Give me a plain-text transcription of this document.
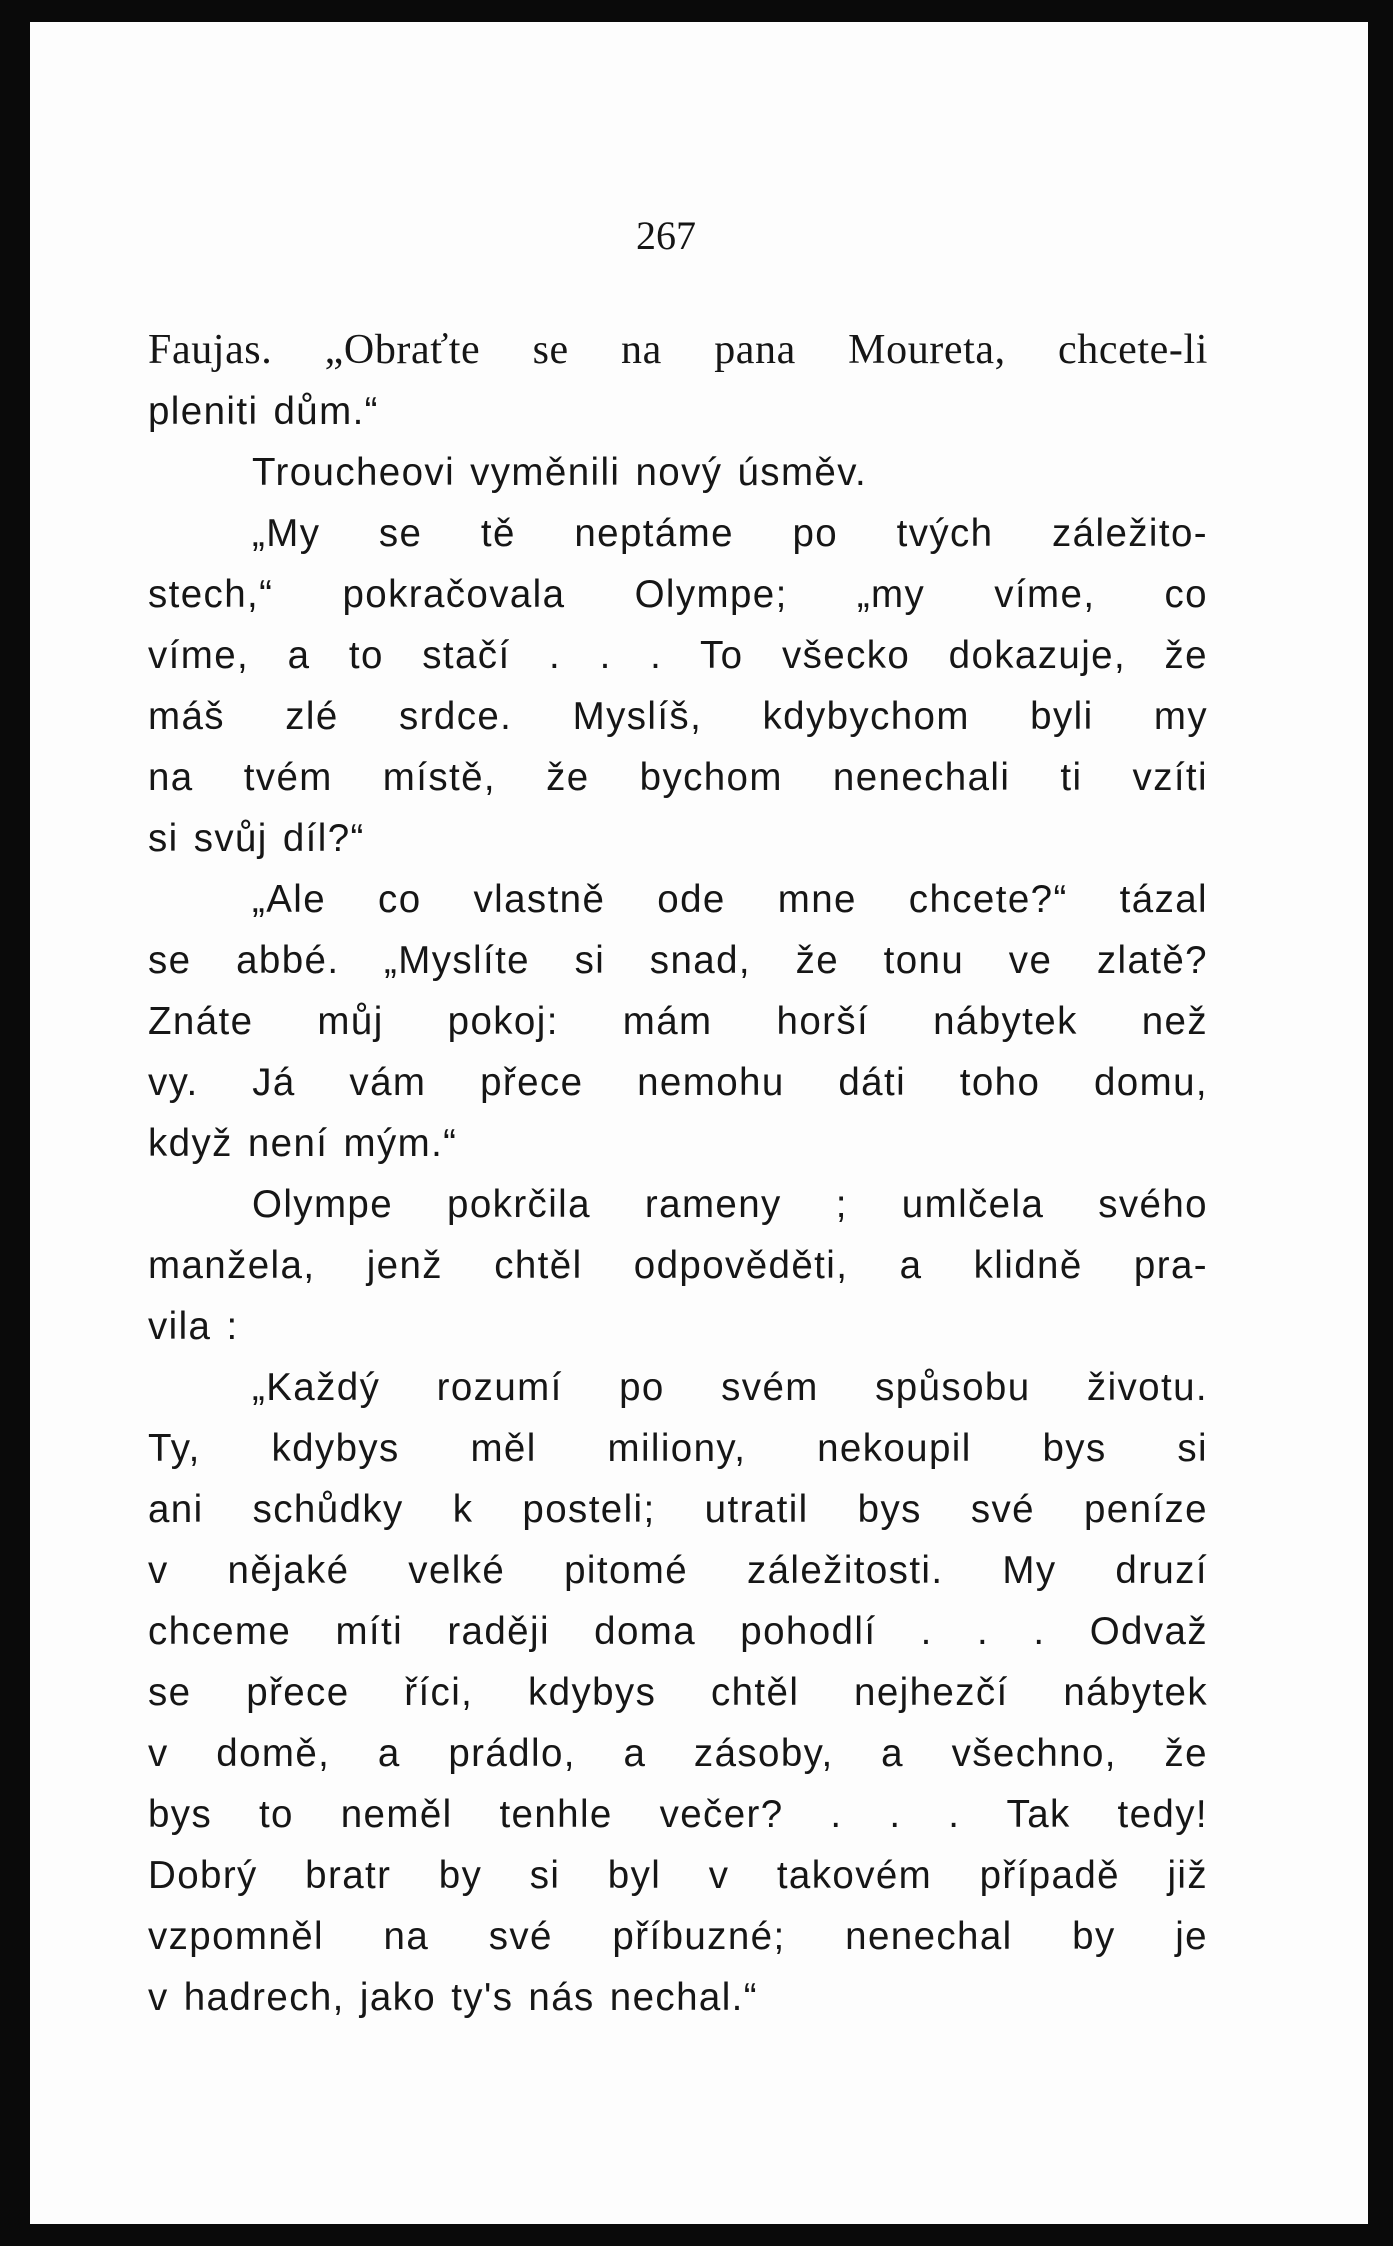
267
Faujas. „Obraťte se na pana Moureta, chcete-li
pleniti dům.“
Troucheovi vyměnili nový úsměv.
„My se tě neptáme po tvých záležito-
stech,“ pokračovala Olympe; „my víme, co
víme, a to stačí . . . To všecko dokazuje, že
máš zlé srdce. Myslíš, kdybychom byli my
na tvém místě, že bychom nenechali ti vzíti
si svůj díl?“
„Ale co vlastně ode mne chcete?“ tázal
se abbé. „Myslíte si snad, že tonu ve zlatě?
Znáte můj pokoj: mám horší nábytek než
vy. Já vám přece nemohu dáti toho domu,
když není mým.“
Olympe pokrčila rameny ; umlčela svého
manžela, jenž chtěl odpověděti, a klidně pra-
vila :
„Každý rozumí po svém spůsobu životu.
Ty, kdybys měl miliony, nekoupil bys si
ani schůdky k posteli; utratil bys své peníze
v nějaké velké pitomé záležitosti. My druzí
chceme míti raději doma pohodlí . . . Odvaž
se přece říci, kdybys chtěl nejhezčí nábytek
v domě, a prádlo, a zásoby, a všechno, že
bys to neměl tenhle večer? . . . Tak tedy!
Dobrý bratr by si byl v takovém případě již
vzpomněl na své příbuzné; nenechal by je
v hadrech, jako ty's nás nechal.“
